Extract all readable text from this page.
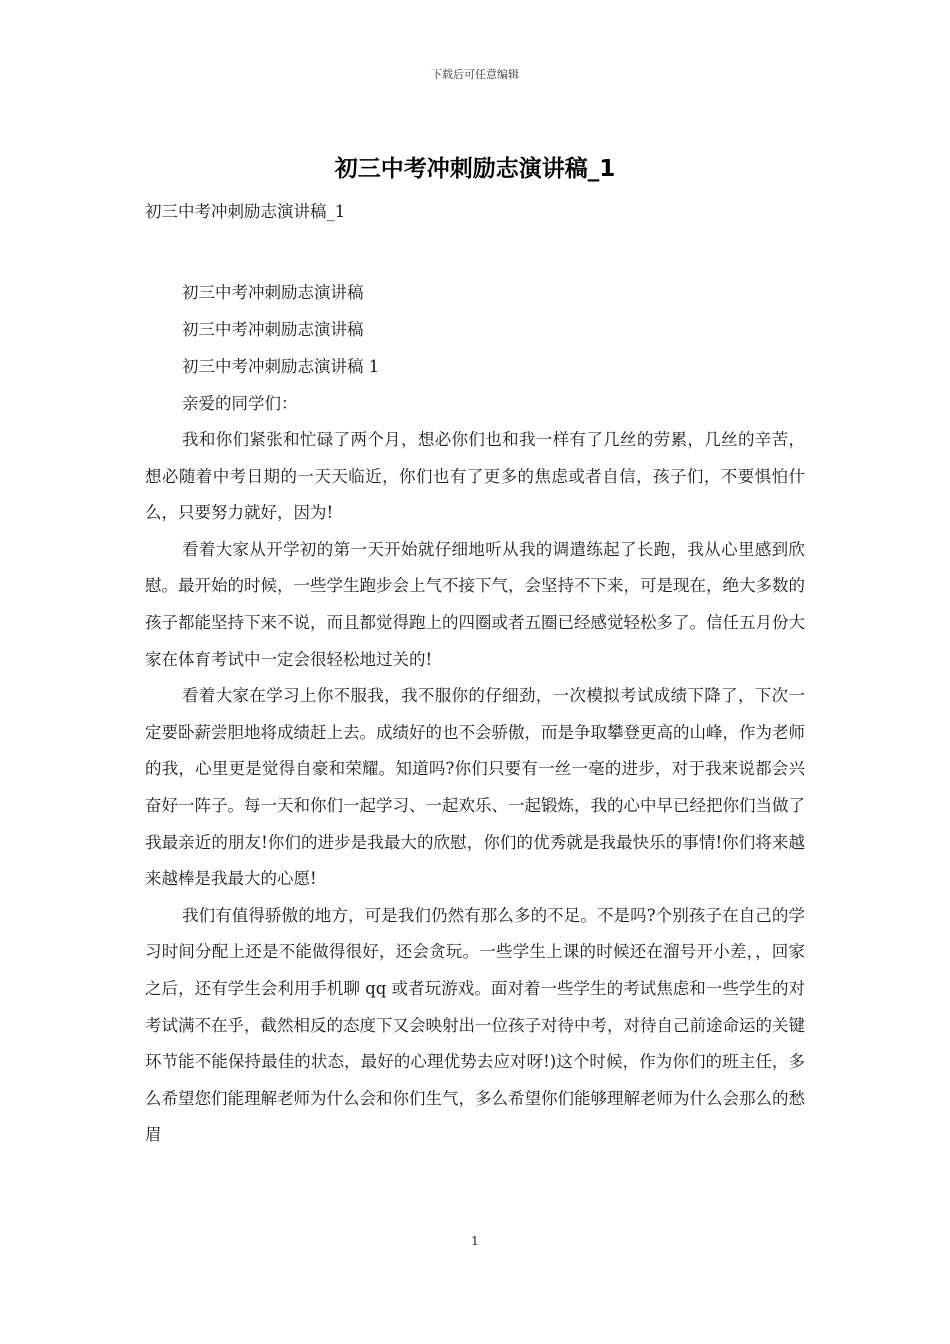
下载后可任意编辑
初三中考冲刺励志演讲稿_1

初三中考冲刺励志演讲稿_1

初三中考冲刺励志演讲稿

初三中考冲刺励志演讲稿

初三中考冲刺励志演讲稿 1

亲爱的同学们：

我和你们紧张和忙碌了两个月，想必你们也和我一样有了几丝的劳累，几丝的辛苦，想必随着中考日期的一天天临近，你们也有了更多的焦虑或者自信，孩子们，不要惧怕什么，只要努力就好，因为!

看着大家从开学初的第一天开始就仔细地听从我的调遣练起了长跑，我从心里感到欣慰。最开始的时候，一些学生跑步会上气不接下气，会坚持不下来，可是现在，绝大多数的孩子都能坚持下来不说，而且都觉得跑上的四圈或者五圈已经感觉轻松多了。信任五月份大家在体育考试中一定会很轻松地过关的!

看着大家在学习上你不服我，我不服你的仔细劲，一次模拟考试成绩下降了，下次一定要卧薪尝胆地将成绩赶上去。成绩好的也不会骄傲，而是争取攀登更高的山峰，作为老师的我，心里更是觉得自豪和荣耀。知道吗?你们只要有一丝一毫的进步，对于我来说都会兴奋好一阵子。每一天和你们一起学习、一起欢乐、一起锻炼，我的心中早已经把你们当做了我最亲近的朋友!你们的进步是我最大的欣慰，你们的优秀就是我最快乐的事情!你们将来越来越棒是我最大的心愿!

我们有值得骄傲的地方，可是我们仍然有那么多的不足。不是吗?个别孩子在自己的学习时间分配上还是不能做得很好，还会贪玩。一些学生上课的时候还在溜号开小差，，回家之后，还有学生会利用手机聊 qq 或者玩游戏。面对着一些学生的考试焦虑和一些学生的对考试满不在乎，截然相反的态度下又会映射出一位孩子对待中考，对待自己前途命运的关键环节能不能保持最佳的状态，最好的心理优势去应对呀!)这个时候，作为你们的班主任，多么希望您们能理解老师为什么会和你们生气，多么希望你们能够理解老师为什么会那么的愁眉

1
